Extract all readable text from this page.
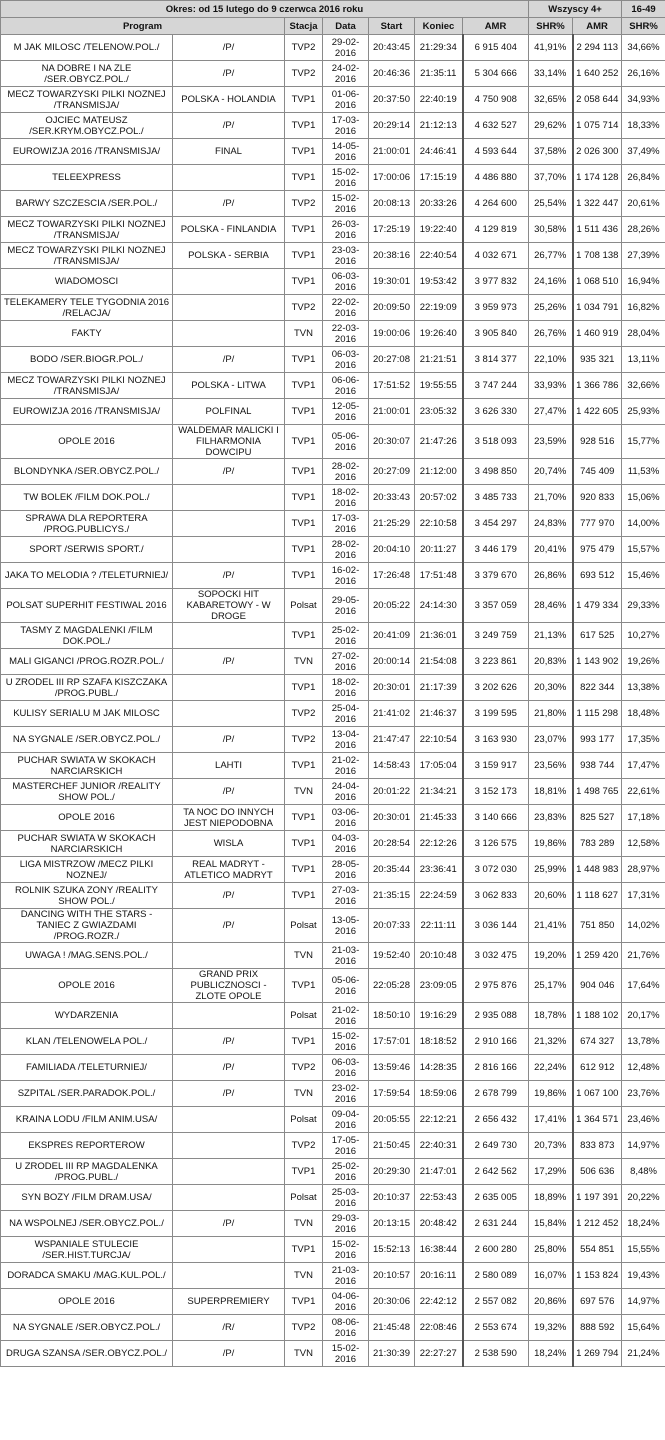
Okres: od 15 lutego do 9 czerwca 2016 roku							Wszyscy 4+		16-49
Program		Stacja	Data	Start	Koniec	AMR	SHR%	AMR	SHR%
M JAK MILOSC /TELENOW.POL./	/P/	TVP2	29-02-2016	20:43:45	21:29:34	6 915 404	41,91%	2 294 113	34,66%
NA DOBRE I NA ZLE /SER.OBYCZ.POL./	/P/	TVP2	24-02-2016	20:46:36	21:35:11	5 304 666	33,14%	1 640 252	26,16%
MECZ TOWARZYSKI PILKI NOZNEJ /TRANSMISJA/	POLSKA - HOLANDIA	TVP1	01-06-2016	20:37:50	22:40:19	4 750 908	32,65%	2 058 644	34,93%
OJCIEC MATEUSZ /SER.KRYM.OBYCZ.POL./	/P/	TVP1	17-03-2016	20:29:14	21:12:13	4 632 527	29,62%	1 075 714	18,33%
EUROWIZJA 2016 /TRANSMISJA/	FINAL	TVP1	14-05-2016	21:00:01	24:46:41	4 593 644	37,58%	2 026 300	37,49%
TELEEXPRESS		TVP1	15-02-2016	17:00:06	17:15:19	4 486 880	37,70%	1 174 128	26,84%
BARWY SZCZESCIA /SER.POL./	/P/	TVP2	15-02-2016	20:08:13	20:33:26	4 264 600	25,54%	1 322 447	20,61%
MECZ TOWARZYSKI PILKI NOZNEJ /TRANSMISJA/	POLSKA - FINLANDIA	TVP1	26-03-2016	17:25:19	19:22:40	4 129 819	30,58%	1 511 436	28,26%
MECZ TOWARZYSKI PILKI NOZNEJ /TRANSMISJA/	POLSKA - SERBIA	TVP1	23-03-2016	20:38:16	22:40:54	4 032 671	26,77%	1 708 138	27,39%
WIADOMOSCI		TVP1	06-03-2016	19:30:01	19:53:42	3 977 832	24,16%	1 068 510	16,94%
TELEKAMERY TELE TYGODNIA 2016 /RELACJA/		TVP2	22-02-2016	20:09:50	22:19:09	3 959 973	25,26%	1 034 791	16,82%
FAKTY		TVN	22-03-2016	19:00:06	19:26:40	3 905 840	26,76%	1 460 919	28,04%
BODO /SER.BIOGR.POL./	/P/	TVP1	06-03-2016	20:27:08	21:21:51	3 814 377	22,10%	935 321	13,11%
MECZ TOWARZYSKI PILKI NOZNEJ /TRANSMISJA/	POLSKA - LITWA	TVP1	06-06-2016	17:51:52	19:55:55	3 747 244	33,93%	1 366 786	32,66%
EUROWIZJA 2016 /TRANSMISJA/	POLFINAL	TVP1	12-05-2016	21:00:01	23:05:32	3 626 330	27,47%	1 422 605	25,93%
OPOLE 2016	WALDEMAR MALICKI I FILHARMONIA DOWCIPU	TVP1	05-06-2016	20:30:07	21:47:26	3 518 093	23,59%	928 516	15,77%
BLONDYNKA /SER.OBYCZ.POL./	/P/	TVP1	28-02-2016	20:27:09	21:12:00	3 498 850	20,74%	745 409	11,53%
TW BOLEK /FILM DOK.POL./		TVP1	18-02-2016	20:33:43	20:57:02	3 485 733	21,70%	920 833	15,06%
SPRAWA DLA REPORTERA /PROG.PUBLICYS./		TVP1	17-03-2016	21:25:29	22:10:58	3 454 297	24,83%	777 970	14,00%
SPORT /SERWIS SPORT./		TVP1	28-02-2016	20:04:10	20:11:27	3 446 179	20,41%	975 479	15,57%
JAKA TO MELODIA ? /TELETURNIEJ/	/P/	TVP1	16-02-2016	17:26:48	17:51:48	3 379 670	26,86%	693 512	15,46%
POLSAT SUPERHIT FESTIWAL 2016	SOPOCKI HIT KABARETOWY - W DROGE	Polsat	29-05-2016	20:05:22	24:14:30	3 357 059	28,46%	1 479 334	29,33%
TASMY Z MAGDALENKI /FILM DOK.POL./		TVP1	25-02-2016	20:41:09	21:36:01	3 249 759	21,13%	617 525	10,27%
MALI GIGANCI /PROG.ROZR.POL./	/P/	TVN	27-02-2016	20:00:14	21:54:08	3 223 861	20,83%	1 143 902	19,26%
U ZRODEL III RP SZAFA KISZCZAKA /PROG.PUBL./		TVP1	18-02-2016	20:30:01	21:17:39	3 202 626	20,30%	822 344	13,38%
KULISY SERIALU M JAK MILOSC		TVP2	25-04-2016	21:41:02	21:46:37	3 199 595	21,80%	1 115 298	18,48%
NA SYGNALE /SER.OBYCZ.POL./	/P/	TVP2	13-04-2016	21:47:47	22:10:54	3 163 930	23,07%	993 177	17,35%
PUCHAR SWIATA W SKOKACH NARCIARSKICH	LAHTI	TVP1	21-02-2016	14:58:43	17:05:04	3 159 917	23,56%	938 744	17,47%
MASTERCHEF JUNIOR /REALITY SHOW POL./	/P/	TVN	24-04-2016	20:01:22	21:34:21	3 152 173	18,81%	1 498 765	22,61%
OPOLE 2016	TA NOC DO INNYCH JEST NIEPODOBNA	TVP1	03-06-2016	20:30:01	21:45:33	3 140 666	23,83%	825 527	17,18%
PUCHAR SWIATA W SKOKACH NARCIARSKICH	WISLA	TVP1	04-03-2016	20:28:54	22:12:26	3 126 575	19,86%	783 289	12,58%
LIGA MISTRZOW /MECZ PILKI NOZNEJ/	REAL MADRYT - ATLETICO MADRYT	TVP1	28-05-2016	20:35:44	23:36:41	3 072 030	25,99%	1 448 983	28,97%
ROLNIK SZUKA ZONY /REALITY SHOW POL./	/P/	TVP1	27-03-2016	21:35:15	22:24:59	3 062 833	20,60%	1 118 627	17,31%
DANCING WITH THE STARS - TANIEC Z GWIAZDAMI /PROG.ROZR./	/P/	Polsat	13-05-2016	20:07:33	22:11:11	3 036 144	21,41%	751 850	14,02%
UWAGA ! /MAG.SENS.POL./		TVN	21-03-2016	19:52:40	20:10:48	3 032 475	19,20%	1 259 420	21,76%
OPOLE 2016	GRAND PRIX PUBLICZNOSCI - ZLOTE OPOLE	TVP1	05-06-2016	22:05:28	23:09:05	2 975 876	25,17%	904 046	17,64%
WYDARZENIA		Polsat	21-02-2016	18:50:10	19:16:29	2 935 088	18,78%	1 188 102	20,17%
KLAN /TELENOWELA POL./	/P/	TVP1	15-02-2016	17:57:01	18:18:52	2 910 166	21,32%	674 327	13,78%
FAMILIADA /TELETURNIEJ/	/P/	TVP2	06-03-2016	13:59:46	14:28:35	2 816 166	22,24%	612 912	12,48%
SZPITAL /SER.PARADOK.POL./	/P/	TVN	23-02-2016	17:59:54	18:59:06	2 678 799	19,86%	1 067 100	23,76%
KRAINA LODU /FILM ANIM.USA/		Polsat	09-04-2016	20:05:55	22:12:21	2 656 432	17,41%	1 364 571	23,46%
EKSPRES REPORTEROW		TVP2	17-05-2016	21:50:45	22:40:31	2 649 730	20,73%	833 873	14,97%
U ZRODEL III RP MAGDALENKA /PROG.PUBL./		TVP1	25-02-2016	20:29:30	21:47:01	2 642 562	17,29%	506 636	8,48%
SYN BOZY /FILM DRAM.USA/		Polsat	25-03-2016	20:10:37	22:53:43	2 635 005	18,89%	1 197 391	20,22%
NA WSPOLNEJ /SER.OBYCZ.POL./	/P/	TVN	29-03-2016	20:13:15	20:48:42	2 631 244	15,84%	1 212 452	18,24%
WSPANIALE STULECIE /SER.HIST.TURCJA/		TVP1	15-02-2016	15:52:13	16:38:44	2 600 280	25,80%	554 851	15,55%
DORADCA SMAKU /MAG.KUL.POL./		TVN	21-03-2016	20:10:57	20:16:11	2 580 089	16,07%	1 153 824	19,43%
OPOLE 2016	SUPERPREMIERY	TVP1	04-06-2016	20:30:06	22:42:12	2 557 082	20,86%	697 576	14,97%
NA SYGNALE /SER.OBYCZ.POL./	/R/	TVP2	08-06-2016	21:45:48	22:08:46	2 553 674	19,32%	888 592	15,64%
DRUGA SZANSA /SER.OBYCZ.POL./	/P/	TVN	15-02-2016	21:30:39	22:27:27	2 538 590	18,24%	1 269 794	21,24%
